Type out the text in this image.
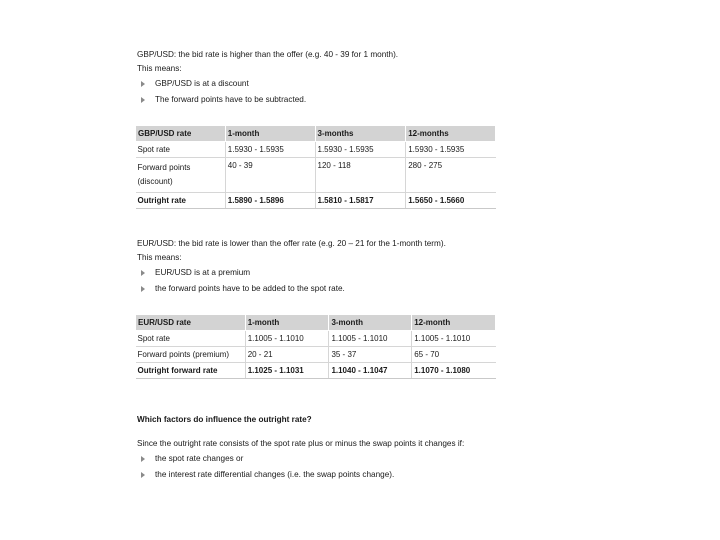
GBP/USD: the bid rate is higher than the offer (e.g. 40 - 39 for 1 month).

This means:

GBP/USD is at a discount
The forward points have to be subtracted.
GBP/USD rate	1-month	3-months	12-months
Spot rate	1.5930 - 1.5935	1.5930 - 1.5935	1.5930 - 1.5935
Forward points (discount)	40 - 39	120 - 118	280 - 275
Outright rate	1.5890 - 1.5896	1.5810 - 1.5817	1.5650 - 1.5660

EUR/USD: the bid rate is lower than the offer rate (e.g. 20 – 21 for the 1-month term).

This means:

EUR/USD is at a premium
the forward points have to be added to the spot rate.
EUR/USD rate	1-month	3-month	12-month
Spot rate	1.1005 - 1.1010	1.1005 - 1.1010	1.1005 - 1.1010
Forward points (premium)	20 - 21	35 - 37	65 - 70
Outright forward rate	1.1025 - 1.1031	1.1040 - 1.1047	1.1070 - 1.1080

Which factors do influence the outright rate?

Since the outright rate consists of the spot rate plus or minus the swap points it changes if:

the spot rate changes or
the interest rate differential changes (i.e. the swap points change).
